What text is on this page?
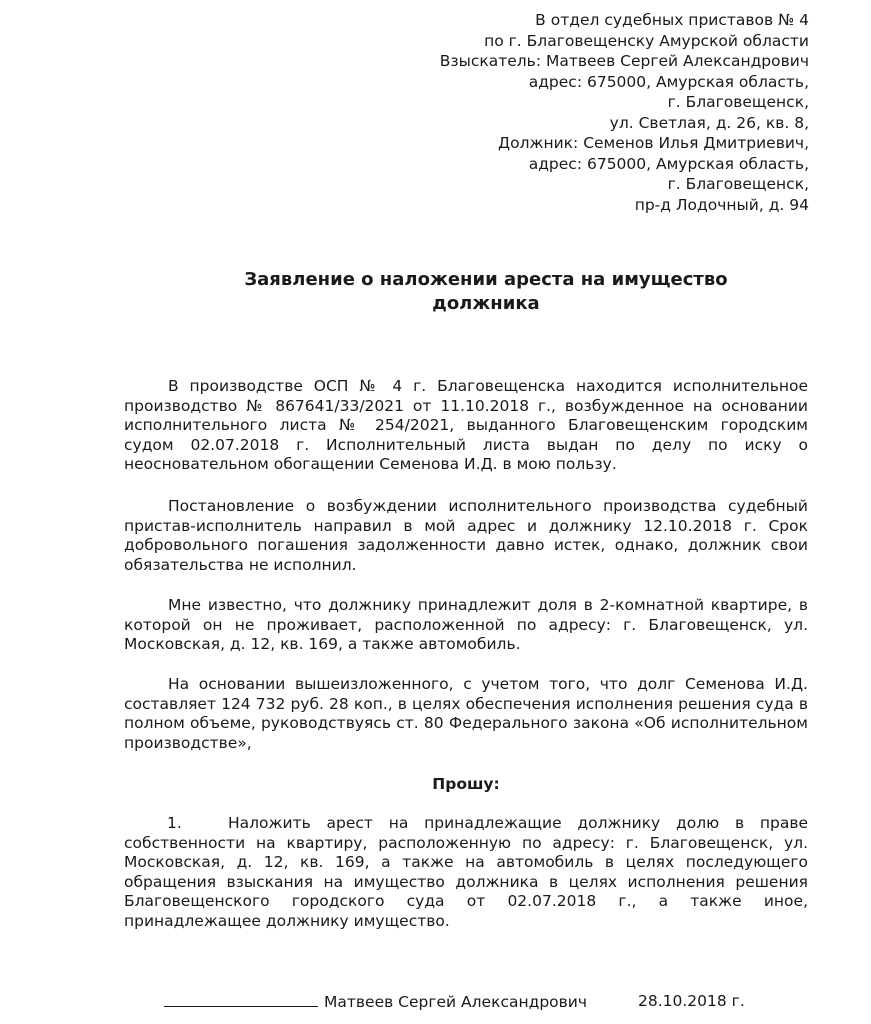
В отдел судебных приставов № 4
по г. Благовещенску Амурской области
Взыскатель: Матвеев Сергей Александрович
адрес: 675000, Амурская область,
г. Благовещенск,
ул. Светлая, д. 26, кв. 8,
Должник: Семенов Илья Дмитриевич,
адрес: 675000, Амурская область,
г. Благовещенск,
пр-д Лодочный, д. 94
Заявление о наложении ареста на имущество
должника

В производстве ОСП № 4 г. Благовещенска находится исполнительное производство № 867641/33/2021 от 11.10.2018 г., возбужденное на основании исполнительного листа № 254/2021, выданного Благовещенским городским судом 02.07.2018 г. Исполнительный листа выдан по делу по иску о неосновательном обогащении Семенова И.Д. в мою пользу.

Постановление о возбуждении исполнительного производства судебный пристав-исполнитель направил в мой адрес и должнику 12.10.2018 г. Срок добровольного погашения задолженности давно истек, однако, должник свои обязательства не исполнил.

Мне известно, что должнику принадлежит доля в 2-комнатной квартире, в которой он не проживает, расположенной по адресу: г. Благовещенск, ул. Московская, д. 12, кв. 169, а также автомобиль.

На основании вышеизложенного, с учетом того, что долг Семенова И.Д. составляет 124 732 руб. 28 коп., в целях обеспечения исполнения решения суда в полном объеме, руководствуясь ст. 80 Федерального закона «Об исполнительном производстве»,

Прошу:

1.	Наложить арест на принадлежащие должнику долю в праве собственности на квартиру, расположенную по адресу: г. Благовещенск, ул. Московская, д. 12, кв. 169, а также на автомобиль в целях последующего обращения взыскания на имущество должника в целях исполнения решения Благовещенского городского суда от 02.07.2018 г., а также иное, принадлежащее должнику имущество.

Матвеев Сергей Александрович	28.10.2018 г.
